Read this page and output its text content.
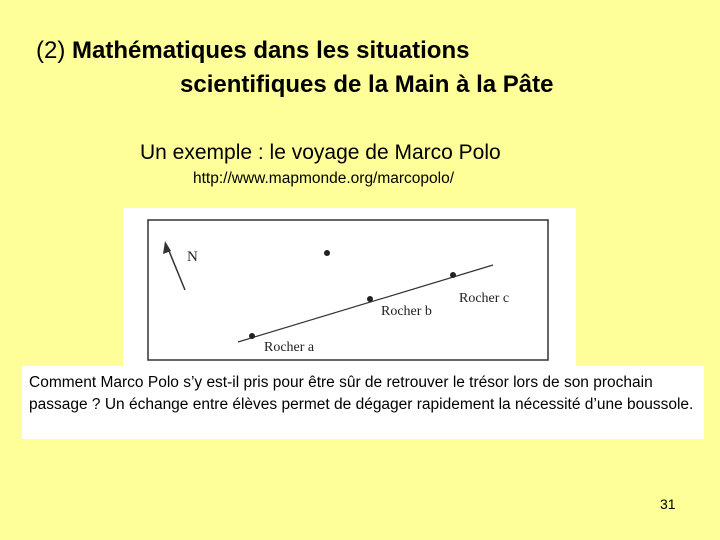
(2) Mathématiques dans les situations
scientifiques de la Main à la Pâte
Un exemple : le voyage de Marco Polo
http://www.mapmonde.org/marcopolo/
N
Rocher a
Rocher b
Rocher c
Comment Marco Polo s’y est-il pris pour être sûr de retrouver le trésor lors de son prochain passage ? Un échange entre élèves permet de dégager rapidement la nécessité d’une boussole.
31
